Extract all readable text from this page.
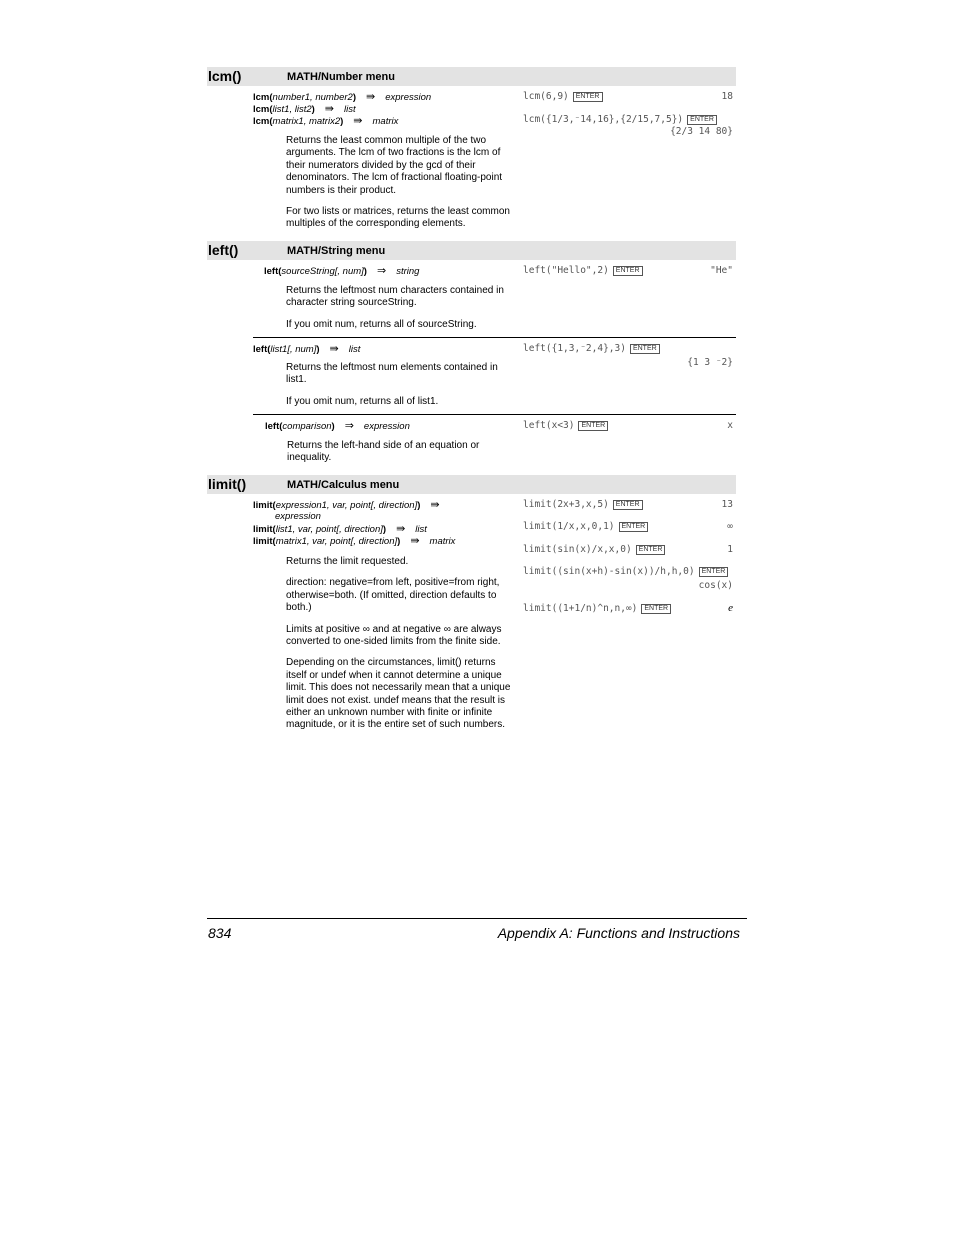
lcm()	MATH/Number menu
lcm(number1, number2) ⇛ expression
lcm(list1, list2) ⇛ list
lcm(matrix1, matrix2) ⇛ matrix

Returns the least common multiple of the two arguments. The lcm of two fractions is the lcm of their numerators divided by the gcd of their denominators. The lcm of fractional floating-point numbers is their product.

For two lists or matrices, returns the least common multiples of the corresponding elements.

lcm(6,9) ENTER	18
lcm({1/3,⁻14,16},{2/15,7,5}) ENTER
{2/3 14 80}
left()	MATH/String menu
left(sourceString[, num]) ⇒ string

Returns the leftmost num characters contained in character string sourceString.

If you omit num, returns all of sourceString.

left("Hello",2) ENTER	"He"
left(list1[, num]) ⇛ list

Returns the leftmost num elements contained in list1.

If you omit num, returns all of list1.

left({1,3,⁻2,4},3) ENTER
{1 3 ⁻2}
left(comparison) ⇒ expression

Returns the left-hand side of an equation or inequality.

left(x<3) ENTER	x
limit()	MATH/Calculus menu
limit(expression1, var, point[, direction]) ⇛
expression
limit(list1, var, point[, direction]) ⇛ list
limit(matrix1, var, point[, direction]) ⇛ matrix

Returns the limit requested.

direction: negative=from left, positive=from right, otherwise=both. (If omitted, direction defaults to both.)

Limits at positive ∞ and at negative ∞ are always converted to one-sided limits from the finite side.

Depending on the circumstances, limit() returns itself or undef when it cannot determine a unique limit. This does not necessarily mean that a unique limit does not exist. undef means that the result is either an unknown number with finite or infinite magnitude, or it is the entire set of such numbers.

limit(2x+3,x,5) ENTER	13
limit(1/x,x,0,1) ENTER	∞
limit(sin(x)/x,x,0) ENTER	1
limit((sin(x+h)-sin(x))/h,h,0) ENTER
cos(x)
limit((1+1/n)^n,n,∞) ENTER	e
834	Appendix A: Functions and Instructions
